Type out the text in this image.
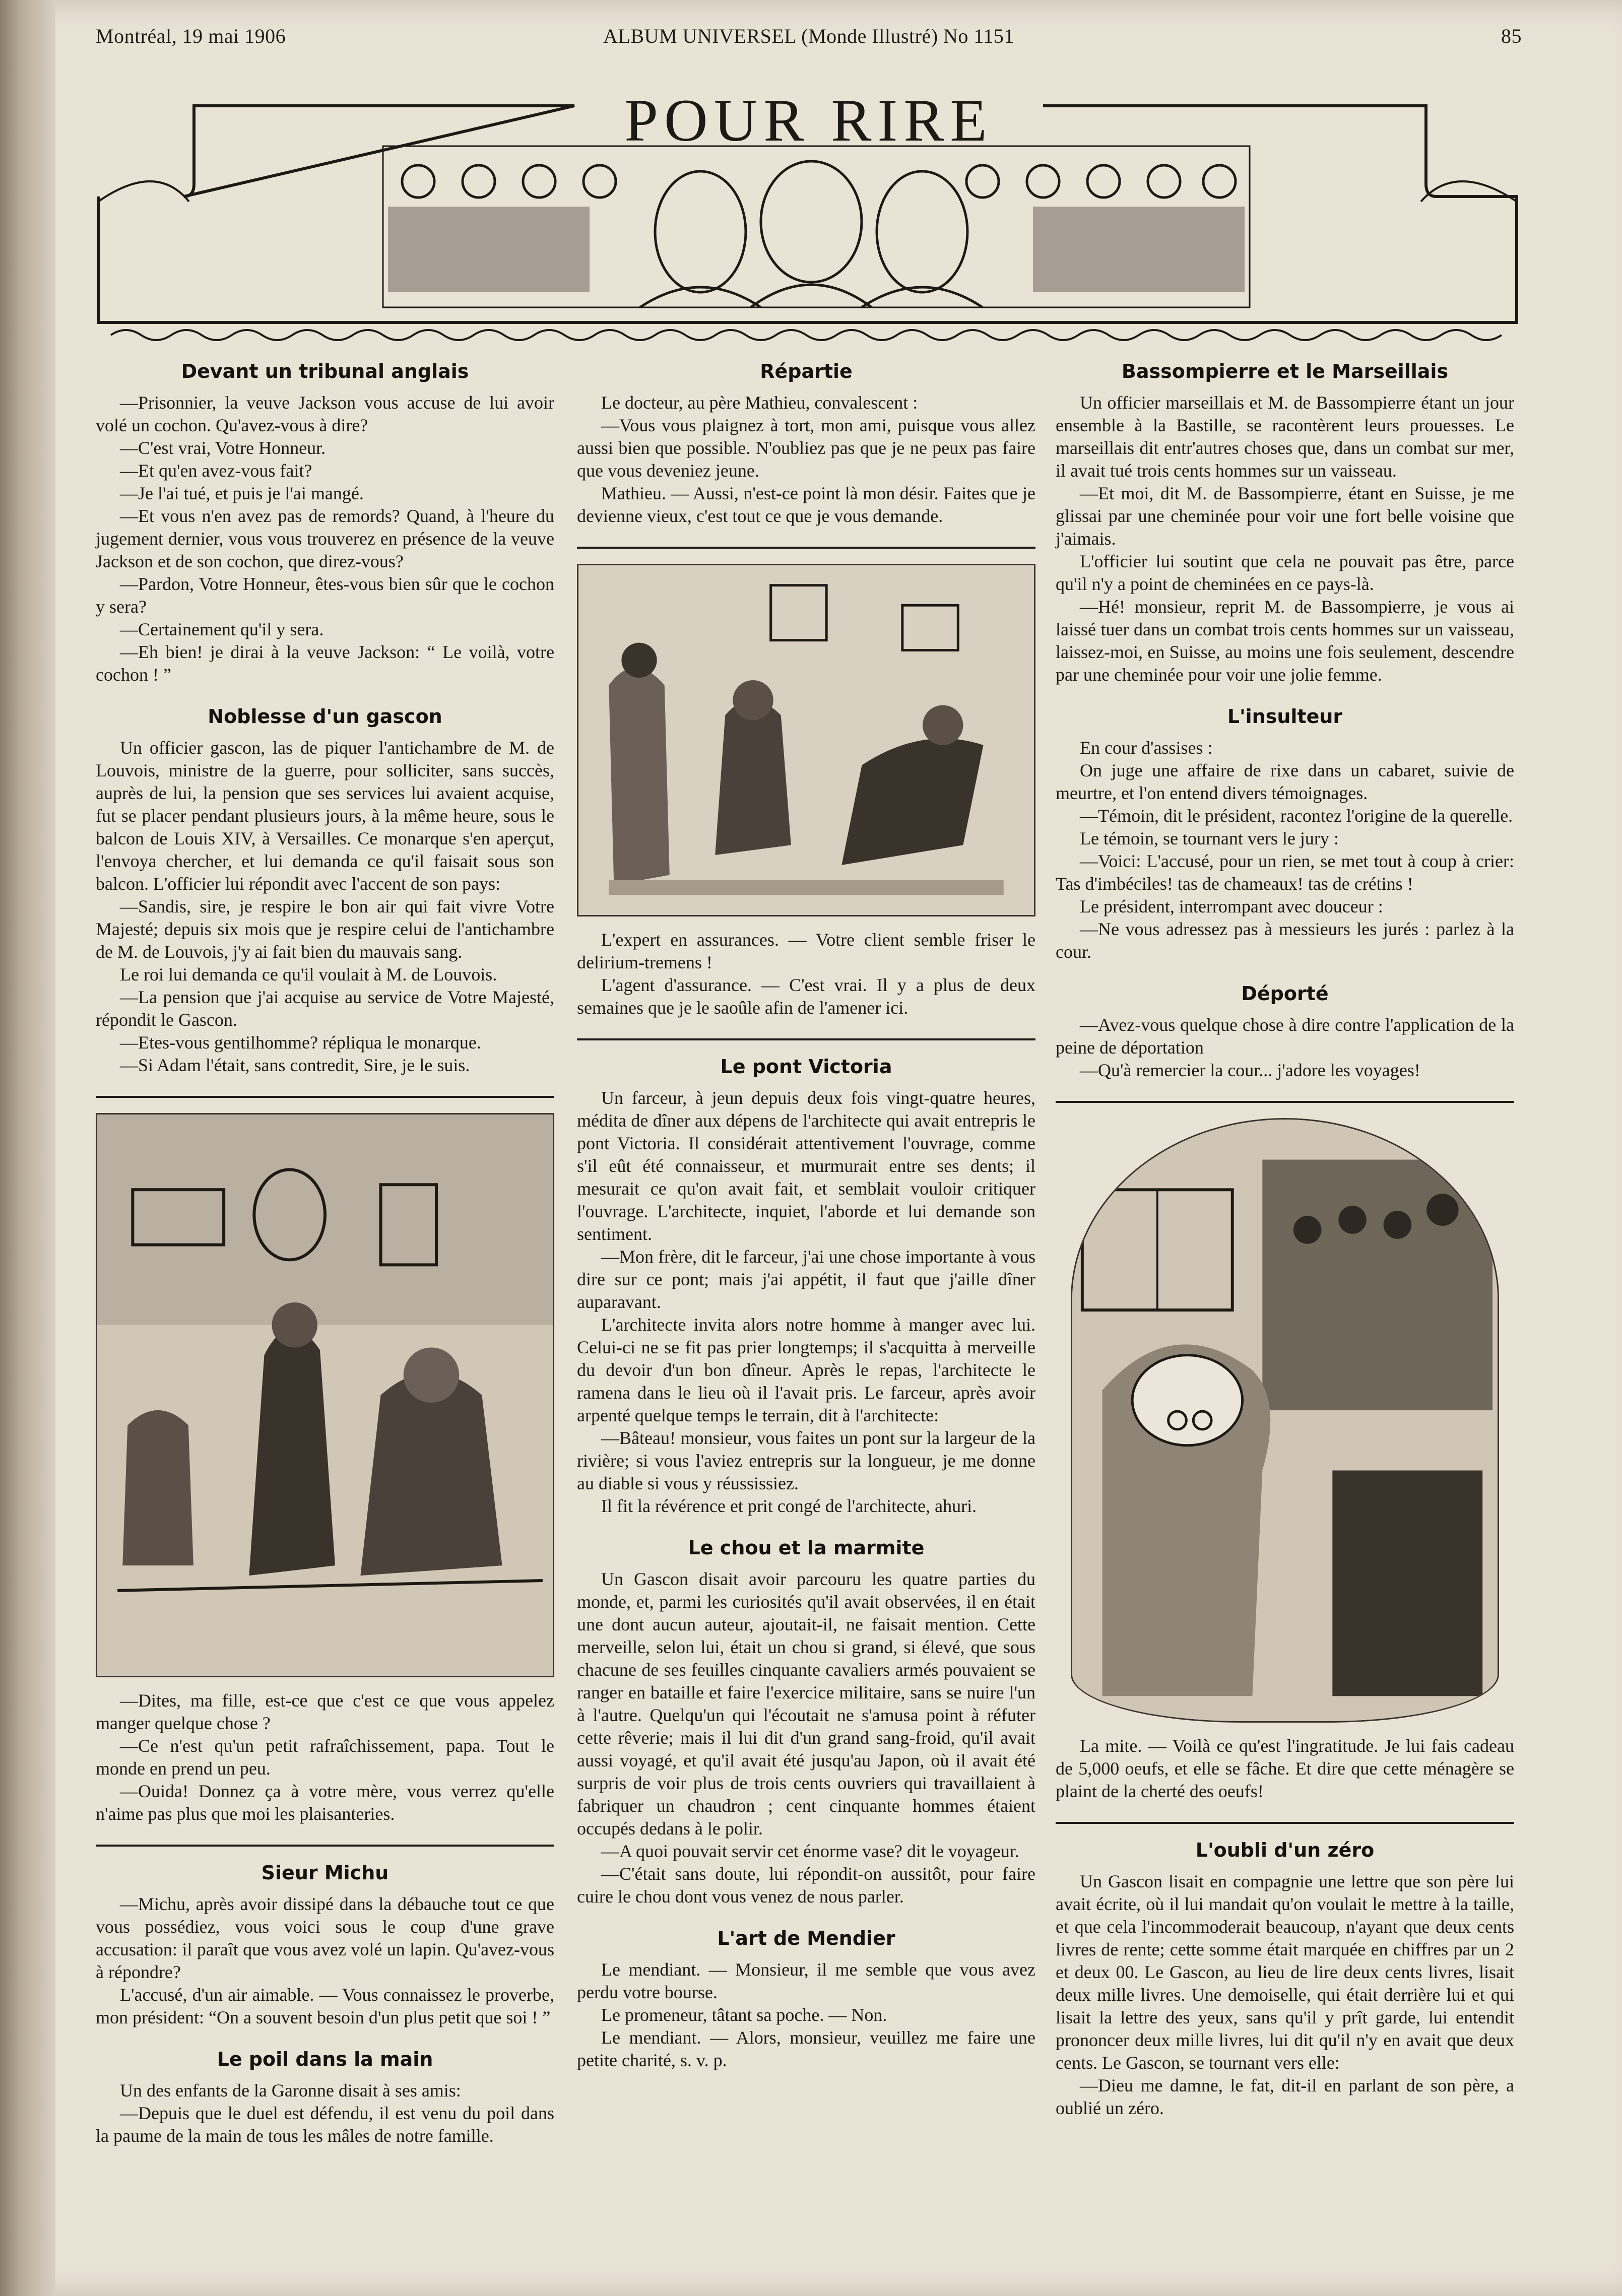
Montréal, 19 mai 1906	ALBUM UNIVERSEL (Monde Illustré) No 1151	85
POUR RIRE
Devant un tribunal anglais

—Prisonnier, la veuve Jackson vous accuse de lui avoir volé un cochon. Qu'avez-vous à dire?

—C'est vrai, Votre Honneur.

—Et qu'en avez-vous fait?

—Je l'ai tué, et puis je l'ai mangé.

—Et vous n'en avez pas de remords? Quand, à l'heure du jugement dernier, vous vous trouverez en présence de la veuve Jackson et de son cochon, que direz-vous?

—Pardon, Votre Honneur, êtes-vous bien sûr que le cochon y sera?

—Certainement qu'il y sera.

—Eh bien! je dirai à la veuve Jackson: “ Le voilà, votre cochon ! ”

Noblesse d'un gascon

Un officier gascon, las de piquer l'antichambre de M. de Louvois, ministre de la guerre, pour solliciter, sans succès, auprès de lui, la pension que ses services lui avaient acquise, fut se placer pendant plusieurs jours, à la même heure, sous le balcon de Louis XIV, à Versailles. Ce monarque s'en aperçut, l'envoya chercher, et lui demanda ce qu'il faisait sous son balcon. L'officier lui répondit avec l'accent de son pays:

—Sandis, sire, je respire le bon air qui fait vivre Votre Majesté; depuis six mois que je respire celui de l'antichambre de M. de Louvois, j'y ai fait bien du mauvais sang.

Le roi lui demanda ce qu'il voulait à M. de Louvois.

—La pension que j'ai acquise au service de Votre Majesté, répondit le Gascon.

—Etes-vous gentilhomme? répliqua le monarque.

—Si Adam l'était, sans contredit, Sire, je le suis.

—Dites, ma fille, est-ce que c'est ce que vous appelez manger quelque chose ?

—Ce n'est qu'un petit rafraîchissement, papa. Tout le monde en prend un peu.

—Ouida! Donnez ça à votre mère, vous verrez qu'elle n'aime pas plus que moi les plaisanteries.

Sieur Michu

—Michu, après avoir dissipé dans la débauche tout ce que vous possédiez, vous voici sous le coup d'une grave accusation: il paraît que vous avez volé un lapin. Qu'avez-vous à répondre?

L'accusé, d'un air aimable. — Vous connaissez le proverbe, mon président: “On a souvent besoin d'un plus petit que soi ! ”

Le poil dans la main

Un des enfants de la Garonne disait à ses amis:

—Depuis que le duel est défendu, il est venu du poil dans la paume de la main de tous les mâles de notre famille.

Répartie

Le docteur, au père Mathieu, convalescent :

—Vous vous plaignez à tort, mon ami, puisque vous allez aussi bien que possible. N'oubliez pas que je ne peux pas faire que vous deveniez jeune.

Mathieu. — Aussi, n'est-ce point là mon désir. Faites que je devienne vieux, c'est tout ce que je vous demande.

L'expert en assurances. — Votre client semble friser le delirium-tremens !

L'agent d'assurance. — C'est vrai. Il y a plus de deux semaines que je le saoûle afin de l'amener ici.

Le pont Victoria

Un farceur, à jeun depuis deux fois vingt-quatre heures, médita de dîner aux dépens de l'architecte qui avait entrepris le pont Victoria. Il considérait attentivement l'ouvrage, comme s'il eût été connaisseur, et murmurait entre ses dents; il mesurait ce qu'on avait fait, et semblait vouloir critiquer l'ouvrage. L'architecte, inquiet, l'aborde et lui demande son sentiment.

—Mon frère, dit le farceur, j'ai une chose importante à vous dire sur ce pont; mais j'ai appétit, il faut que j'aille dîner auparavant.

L'architecte invita alors notre homme à manger avec lui. Celui-ci ne se fit pas prier longtemps; il s'acquitta à merveille du devoir d'un bon dîneur. Après le repas, l'architecte le ramena dans le lieu où il l'avait pris. Le farceur, après avoir arpenté quelque temps le terrain, dit à l'architecte:

—Bâteau! monsieur, vous faites un pont sur la largeur de la rivière; si vous l'aviez entrepris sur la longueur, je me donne au diable si vous y réussissiez.

Il fit la révérence et prit congé de l'architecte, ahuri.

Le chou et la marmite

Un Gascon disait avoir parcouru les quatre parties du monde, et, parmi les curiosités qu'il avait observées, il en était une dont aucun auteur, ajoutait-il, ne faisait mention. Cette merveille, selon lui, était un chou si grand, si élevé, que sous chacune de ses feuilles cinquante cavaliers armés pouvaient se ranger en bataille et faire l'exercice militaire, sans se nuire l'un à l'autre. Quelqu'un qui l'écoutait ne s'amusa point à réfuter cette rêverie; mais il lui dit d'un grand sang-froid, qu'il avait aussi voyagé, et qu'il avait été jusqu'au Japon, où il avait été surpris de voir plus de trois cents ouvriers qui travaillaient à fabriquer un chaudron ; cent cinquante hommes étaient occupés dedans à le polir.

—A quoi pouvait servir cet énorme vase? dit le voyageur.

—C'était sans doute, lui répondit-on aussitôt, pour faire cuire le chou dont vous venez de nous parler.

L'art de Mendier

Le mendiant. — Monsieur, il me semble que vous avez perdu votre bourse.

Le promeneur, tâtant sa poche. — Non.

Le mendiant. — Alors, monsieur, veuillez me faire une petite charité, s. v. p.

Bassompierre et le Marseillais

Un officier marseillais et M. de Bassompierre étant un jour ensemble à la Bastille, se racontèrent leurs prouesses. Le marseillais dit entr'autres choses que, dans un combat sur mer, il avait tué trois cents hommes sur un vaisseau.

—Et moi, dit M. de Bassompierre, étant en Suisse, je me glissai par une cheminée pour voir une fort belle voisine que j'aimais.

L'officier lui soutint que cela ne pouvait pas être, parce qu'il n'y a point de cheminées en ce pays-là.

—Hé! monsieur, reprit M. de Bassompierre, je vous ai laissé tuer dans un combat trois cents hommes sur un vaisseau, laissez-moi, en Suisse, au moins une fois seulement, descendre par une cheminée pour voir une jolie femme.

L'insulteur

En cour d'assises :

On juge une affaire de rixe dans un cabaret, suivie de meurtre, et l'on entend divers témoignages.

—Témoin, dit le président, racontez l'origine de la querelle.

Le témoin, se tournant vers le jury :

—Voici: L'accusé, pour un rien, se met tout à coup à crier: Tas d'imbéciles! tas de chameaux! tas de crétins !

Le président, interrompant avec douceur :

—Ne vous adressez pas à messieurs les jurés : parlez à la cour.

Déporté

—Avez-vous quelque chose à dire contre l'application de la peine de déportation

—Qu'à remercier la cour... j'adore les voyages!

La mite. — Voilà ce qu'est l'ingratitude. Je lui fais cadeau de 5,000 oeufs, et elle se fâche. Et dire que cette ménagère se plaint de la cherté des oeufs!

L'oubli d'un zéro

Un Gascon lisait en compagnie une lettre que son père lui avait écrite, où il lui mandait qu'on voulait le mettre à la taille, et que cela l'incommoderait beaucoup, n'ayant que deux cents livres de rente; cette somme était marquée en chiffres par un 2 et deux 00. Le Gascon, au lieu de lire deux cents livres, lisait deux mille livres. Une demoiselle, qui était derrière lui et qui lisait la lettre des yeux, sans qu'il y prît garde, lui entendit prononcer deux mille livres, lui dit qu'il n'y en avait que deux cents. Le Gascon, se tournant vers elle:

—Dieu me damne, le fat, dit-il en parlant de son père, a oublié un zéro.
